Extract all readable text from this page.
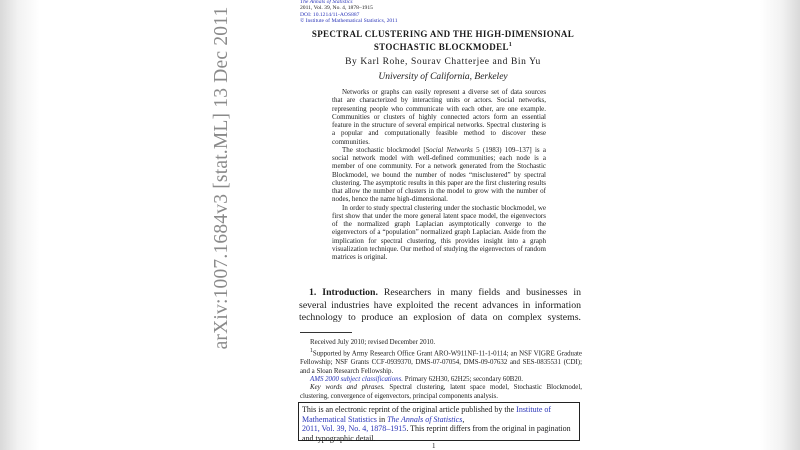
arXiv:1007.1684v3 [stat.ML] 13 Dec 2011
The Annals of Statistics
2011, Vol. 39, No. 4, 1878–1915
DOI: 10.1214/11-AOS887
© Institute of Mathematical Statistics, 2011
SPECTRAL CLUSTERING AND THE HIGH-DIMENSIONAL
STOCHASTIC BLOCKMODEL$^1$
By Karl Rohe, Sourav Chatterjee and Bin Yu
University of California, Berkeley

Networks or graphs can easily represent a diverse set of data sources that are characterized by interacting units or actors. Social networks, representing people who communicate with each other, are one example. Communities or clusters of highly connected actors form an essential feature in the structure of several empirical networks. Spectral clustering is a popular and computationally feasible method to discover these communities.

The stochastic blockmodel [Social Networks 5 (1983) 109–137] is a social network model with well-defined communities; each node is a member of one community. For a network generated from the Stochastic Blockmodel, we bound the number of nodes “misclustered” by spectral clustering. The asymptotic results in this paper are the first clustering results that allow the number of clusters in the model to grow with the number of nodes, hence the name high-dimensional.

In order to study spectral clustering under the stochastic blockmodel, we first show that under the more general latent space model, the eigenvectors of the normalized graph Laplacian asymptotically converge to the eigenvectors of a “population” normalized graph Laplacian. Aside from the implication for spectral clustering, this provides insight into a graph visualization technique. Our method of studying the eigenvectors of random matrices is original.

1. Introduction. Researchers in many fields and businesses in several industries have exploited the recent advances in information technology to produce an explosion of data on complex systems.

Received July 2010; revised December 2010.

$^1$Supported by Army Research Office Grant ARO-W911NF-11-1-0114; an NSF VIGRE Graduate Fellowship; NSF Grants CCF-0939370, DMS-07-07054, DMS-09-07632 and SES-0835531 (CDI); and a Sloan Research Fellowship.

AMS 2000 subject classifications. Primary 62H30, 62H25; secondary 60B20.

Key words and phrases. Spectral clustering, latent space model, Stochastic Blockmodel, clustering, convergence of eigenvectors, principal components analysis.

This is an electronic reprint of the original article published by the Institute of Mathematical Statistics in The Annals of Statistics,
2011, Vol. 39, No. 4, 1878–1915. This reprint differs from the original in pagination and typographic detail.
1
